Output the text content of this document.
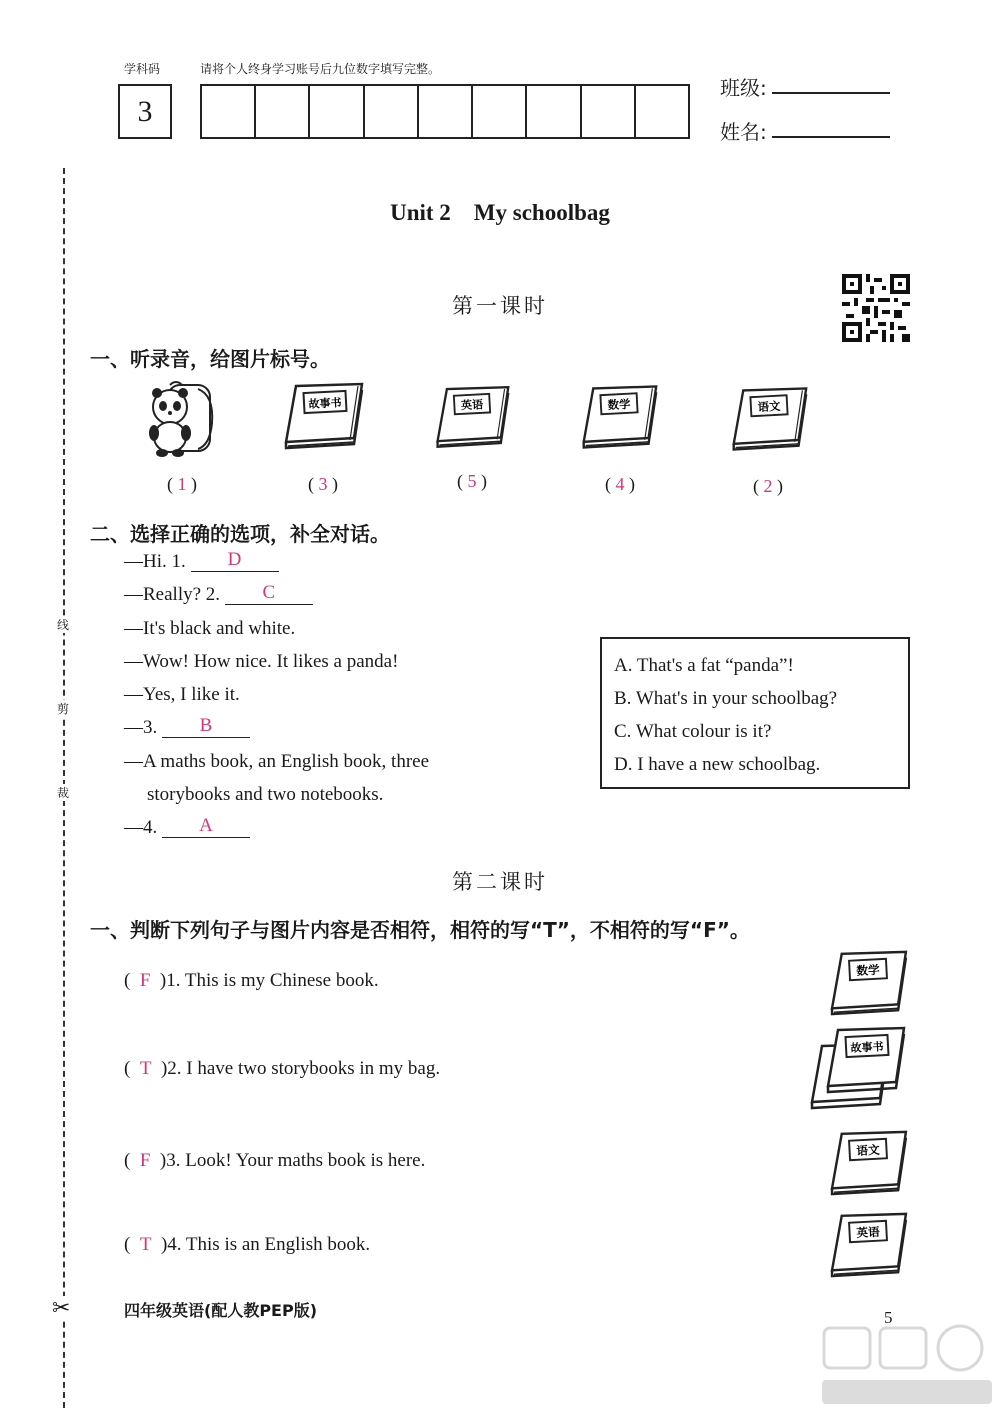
学科码	请将个人终身学习账号后九位数字填写完整。
3
班级:
姓名:
线
剪
裁
✂
Unit 2    My schoolbag
第一课时
一、听录音，给图片标号。
故事书	英语	数学	语文
( 1 )	( 3 )	( 5 )	( 4 )	( 2 )
二、选择正确的选项，补全对话。
—Hi. 1. D
—Really? 2. C
—It's black and white.
—Wow! How nice. It likes a panda!
—Yes, I like it.
—3. B
—A maths book, an English book, three
storybooks and two notebooks.
—4. A
A. That's a fat “panda”!
B. What's in your schoolbag?
C. What colour is it?
D. I have a new schoolbag.
第二课时
一、判断下列句子与图片内容是否相符，相符的写“T”，不相符的写“F”。
(  F )1. This is my Chinese book.
(  T )2. I have two storybooks in my bag.
(  F )3. Look! Your maths book is here.
(  T )4. This is an English book.
数学
故事书
语文
英语
四年级英语(配人教PEP版)	5
